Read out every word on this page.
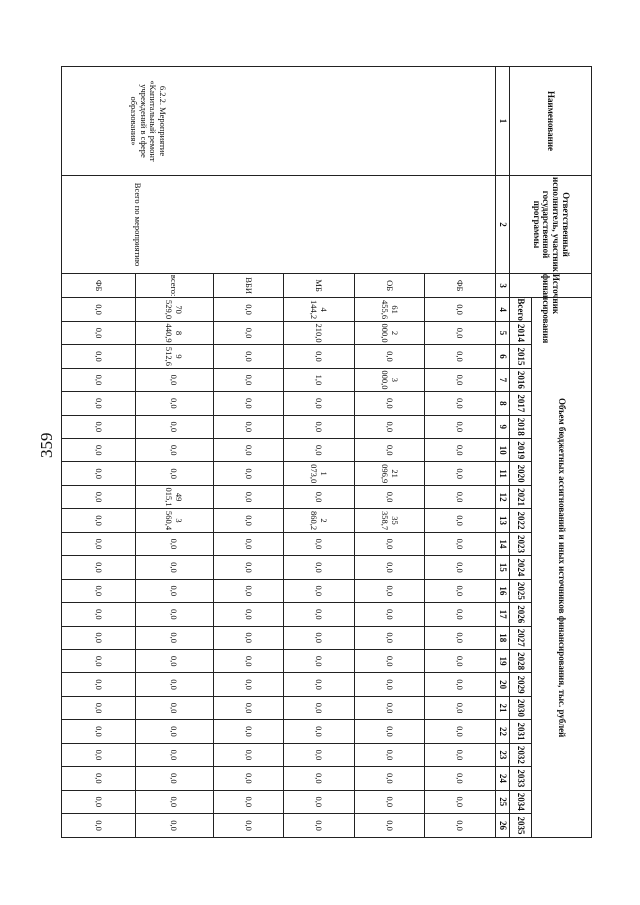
359
Наименование	Ответственный исполнитель, участник государственной программы	Источник финансирования	Объем бюджетных ассигнований и иных источников финансирования, тыс. рублей																						
			Всего	2014	2015	2016	2017	2018	2019	2020	2021	2022	2023	2024	2025	2026	2027	2028	2029	2030	2031	2032	2033	2034	2035
1	2	3	4	5	6	7	8	9	10	11	12	13	14	15	16	17	18	19	20	21	22	23	24	25	26
6.2.2. Мероприятие «Капитальный ремонт учреждений в сфере образования»	Всего по мероприятию	ФБ	0,0	0,0	0,0	0,0	0,0	0,0	0,0	0,0	0,0	0,0	0,0	0,0	0,0	0,0	0,0	0,0	0,0	0,0	0,0	0,0	0,0	0,0	0,0
		ОБ	61 455,6	2 000,0	0,0	3 000,0	0,0	0,0	0,0	21 096,9	0,0	35 358,7	0,0	0,0	0,0	0,0	0,0	0,0	0,0	0,0	0,0	0,0	0,0	0,0	0,0
		МБ	4 144,2	210,0	0,0	1,0	0,0	0,0	0,0	1 073,0	0,0	2 860,2	0,0	0,0	0,0	0,0	0,0	0,0	0,0	0,0	0,0	0,0	0,0	0,0	0,0
		ВБИ	0,0	0,0	0,0	0,0	0,0	0,0	0,0	0,0	0,0	0,0	0,0	0,0	0,0	0,0	0,0	0,0	0,0	0,0	0,0	0,0	0,0	0,0	0,0
		всего:	70 529,0	8 440,9	9 512,6	0,0	0,0	0,0	0,0	0,0	49 015,1	3 560,4	0,0	0,0	0,0	0,0	0,0	0,0	0,0	0,0	0,0	0,0	0,0	0,0	0,0
		ФБ	0,0	0,0	0,0	0,0	0,0	0,0	0,0	0,0	0,0	0,0	0,0	0,0	0,0	0,0	0,0	0,0	0,0	0,0	0,0	0,0	0,0	0,0	0,0
